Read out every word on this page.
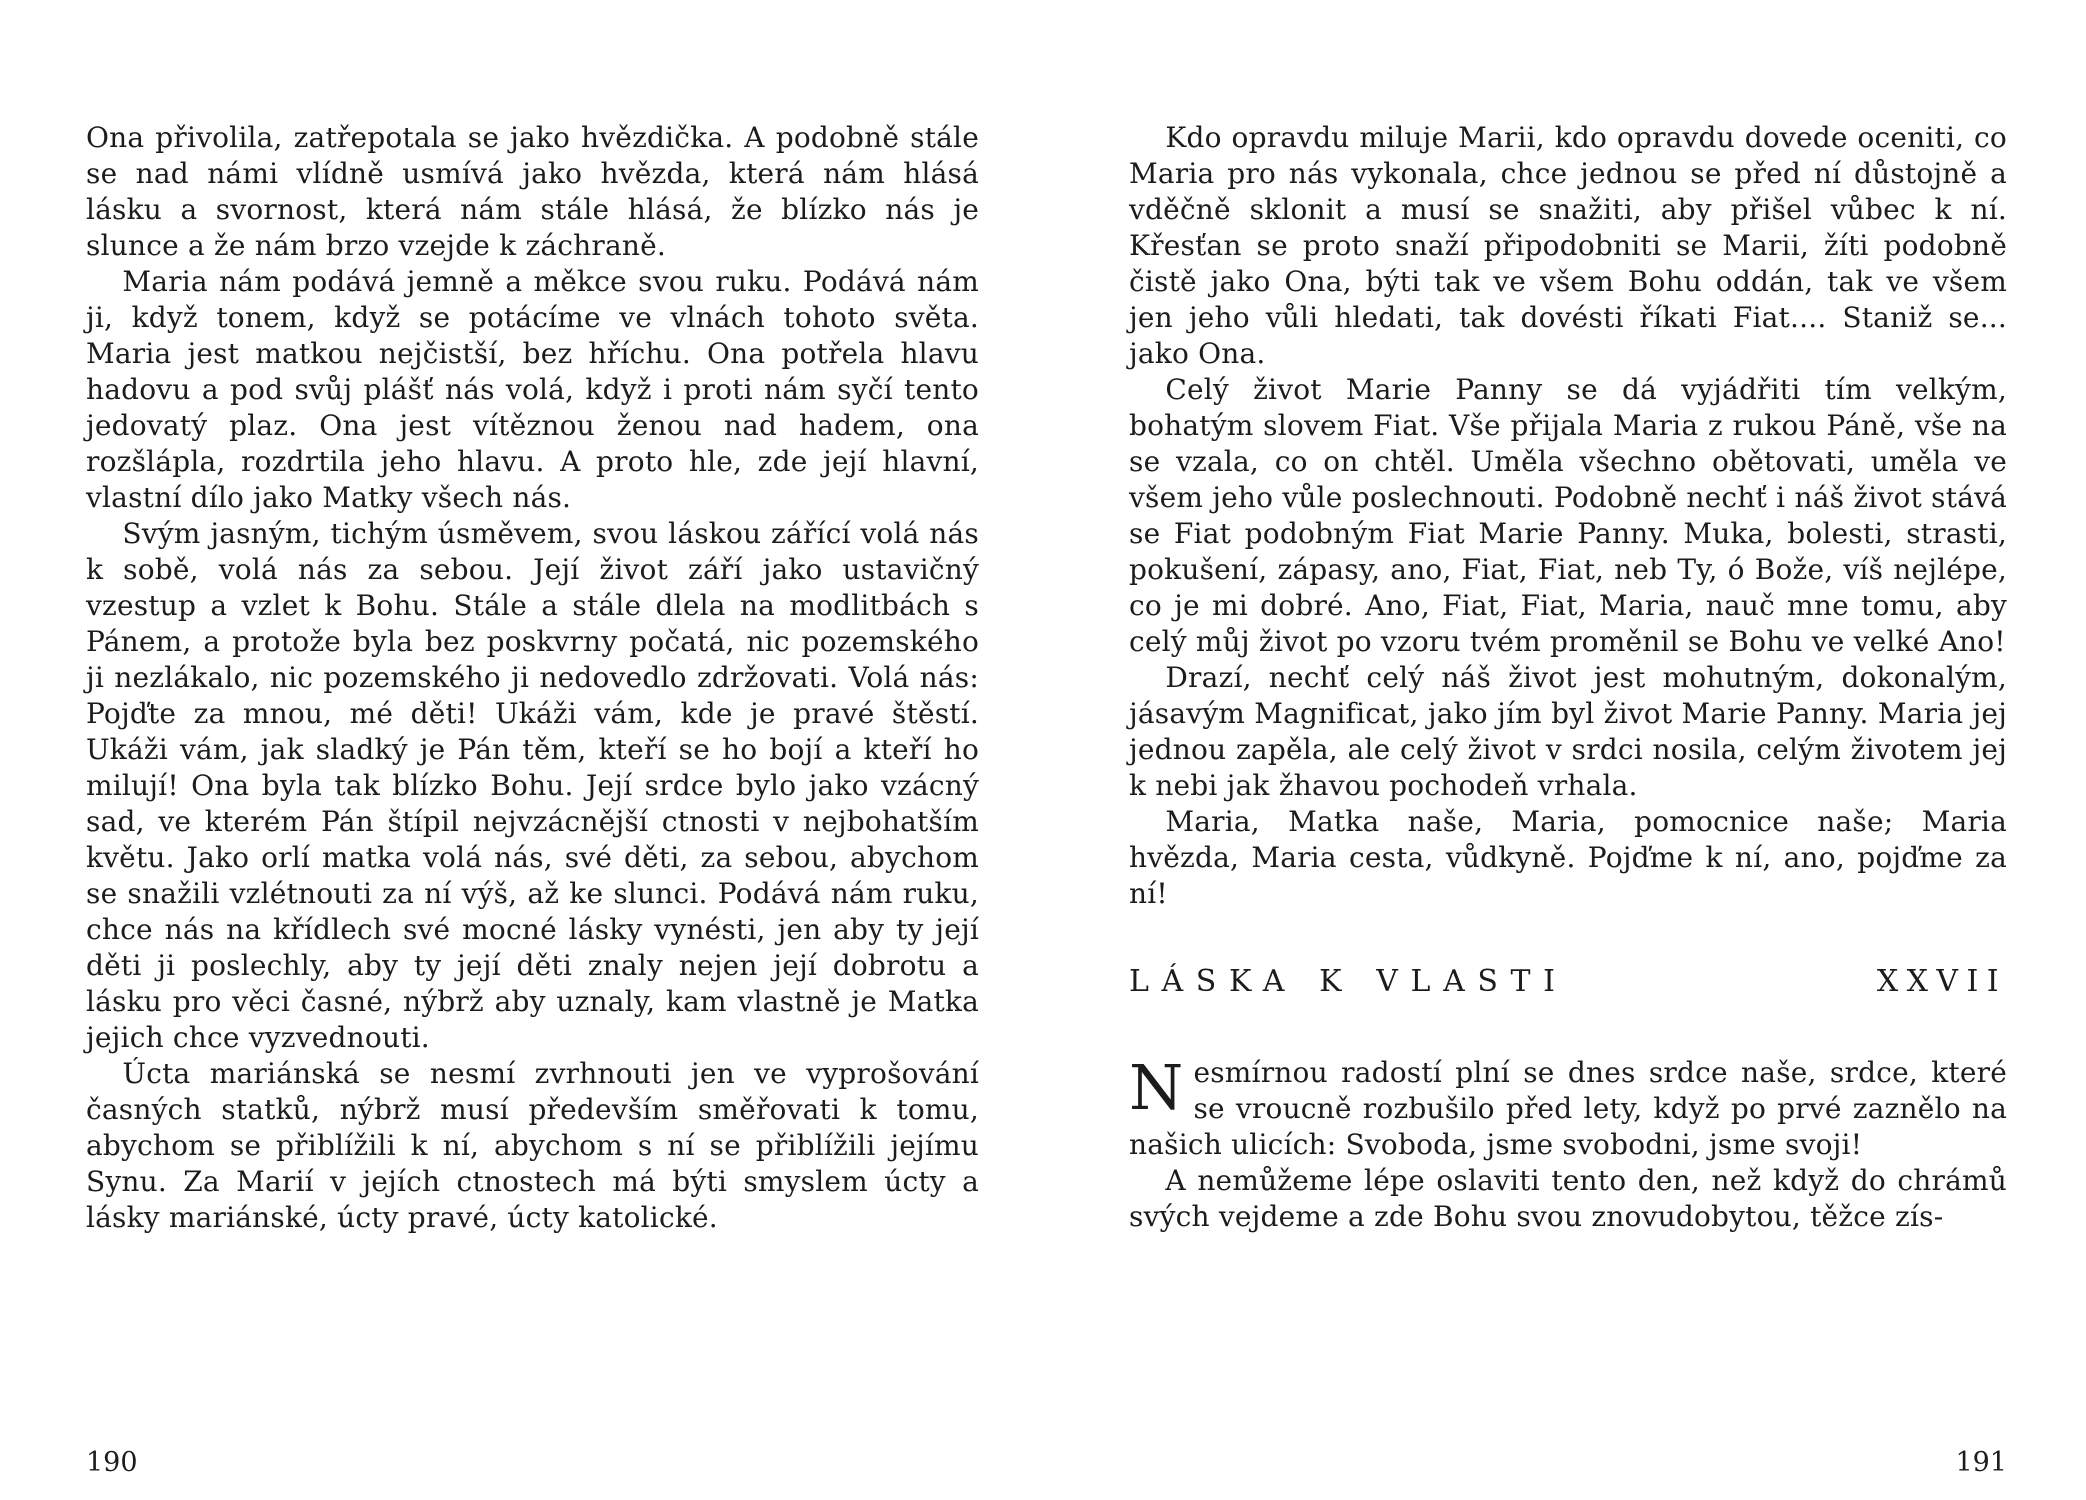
Ona přivolila, zatřepotala se jako hvězdička. A podobně stále se nad námi vlídně usmívá jako hvězda, která nám hlásá lásku a svornost, která nám stále hlásá, že blízko nás je slunce a že nám brzo vzejde k záchraně.

Maria nám podává jemně a měkce svou ruku. Podává nám ji, když tonem, když se potácíme ve vlnách tohoto světa. Maria jest matkou nejčistší, bez hříchu. Ona potřela hlavu hadovu a pod svůj plášť nás volá, když i proti nám syčí tento jedovatý plaz. Ona jest vítěznou ženou nad hadem, ona rozšlápla, rozdrtila jeho hlavu. A proto hle, zde její hlavní, vlastní dílo jako Matky všech nás.

Svým jasným, tichým úsměvem, svou láskou zářící volá nás k sobě, volá nás za sebou. Její život září jako ustavičný vzestup a vzlet k Bohu. Stále a stále dlela na modlitbách s Pánem, a protože byla bez poskvrny počatá, nic pozemského ji nezlákalo, nic pozemského ji nedovedlo zdržovati. Volá nás: Pojďte za mnou, mé děti! Ukáži vám, kde je pravé štěstí. Ukáži vám, jak sladký je Pán těm, kteří se ho bojí a kteří ho milují! Ona byla tak blízko Bohu. Její srdce bylo jako vzácný sad, ve kterém Pán štípil nejvzácnější ctnosti v nejbohatším květu. Jako orlí matka volá nás, své děti, za sebou, abychom se snažili vzlétnouti za ní výš, až ke slunci. Podává nám ruku, chce nás na křídlech své mocné lásky vynésti, jen aby ty její děti ji poslechly, aby ty její děti znaly nejen její dobrotu a lásku pro věci časné, nýbrž aby uznaly, kam vlastně je Matka jejich chce vyzvednouti.

Úcta mariánská se nesmí zvrhnouti jen ve vyprošování časných statků, nýbrž musí především směřovati k tomu, abychom se přiblížili k ní, abychom s ní se přiblížili jejímu Synu. Za Marií v jejích ctnostech má býti smyslem úcty a lásky mariánské, úcty pravé, úcty katolické.

190

Kdo opravdu miluje Marii, kdo opravdu dovede oceniti, co Maria pro nás vykonala, chce jednou se před ní důstojně a vděčně sklonit a musí se snažiti, aby přišel vůbec k ní. Křesťan se proto snaží připodobniti se Marii, žíti podobně čistě jako Ona, býti tak ve všem Bohu oddán, tak ve všem jen jeho vůli hledati, tak dovésti říkati Fiat.... Staniž se... jako Ona.

Celý život Marie Panny se dá vyjádřiti tím velkým, bohatým slovem Fiat. Vše přijala Maria z rukou Páně, vše na se vzala, co on chtěl. Uměla všechno obětovati, uměla ve všem jeho vůle poslechnouti. Podobně nechť i náš život stává se Fiat podobným Fiat Marie Panny. Muka, bolesti, strasti, pokušení, zápasy, ano, Fiat, Fiat, neb Ty, ó Bože, víš nejlépe, co je mi dobré. Ano, Fiat, Fiat, Maria, nauč mne tomu, aby celý můj život po vzoru tvém proměnil se Bohu ve velké Ano!

Drazí, nechť celý náš život jest mohutným, dokonalým, jásavým Magnificat, jako jím byl život Marie Panny. Maria jej jednou zapěla, ale celý život v srdci nosila, celým životem jej k nebi jak žhavou pochodeň vrhala.

Maria, Matka naše, Maria, pomocnice naše; Maria hvězda, Maria cesta, vůdkyně. Pojďme k ní, ano, pojďme za ní!

LÁSKA K VLASTI	XXVII

Nesmírnou radostí plní se dnes srdce naše, srdce, které se vroucně rozbušilo před lety, když po prvé zaznělo na našich ulicích: Svoboda, jsme svobodni, jsme svoji!

A nemůžeme lépe oslaviti tento den, než když do chrámů svých vejdeme a zde Bohu svou znovudobytou, těžce zís-

191
